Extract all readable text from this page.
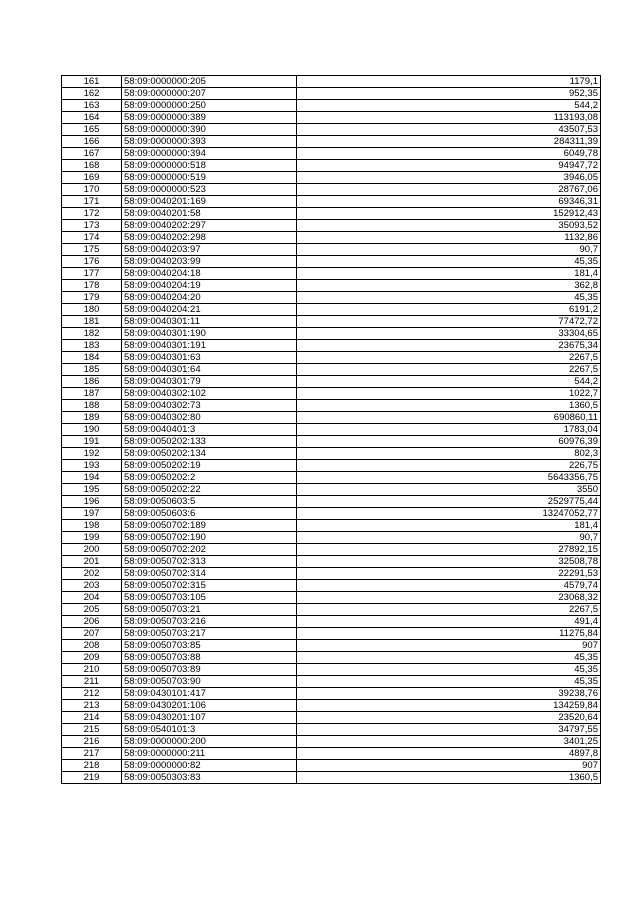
161	58:09:0000000:205	1179,1
162	58:09:0000000:207	952,35
163	58:09:0000000:250	544,2
164	58:09:0000000:389	113193,08
165	58:09:0000000:390	43507,53
166	58:09:0000000:393	284311,39
167	58:09:0000000:394	6049,78
168	58:09:0000000:518	94947,72
169	58:09:0000000:519	3946,05
170	58:09:0000000:523	28767,06
171	58:09:0040201:169	69346,31
172	58:09:0040201:58	152912,43
173	58:09:0040202:297	35093,52
174	58:09:0040202:298	1132,86
175	58:09:0040203:97	90,7
176	58:09:0040203:99	45,35
177	58:09:0040204:18	181,4
178	58:09:0040204:19	362,8
179	58:09:0040204:20	45,35
180	58:09:0040204:21	6191,2
181	58:09:0040301:11	77472,72
182	58:09:0040301:190	33304,65
183	58:09:0040301:191	23675,34
184	58:09:0040301:63	2267,5
185	58:09:0040301:64	2267,5
186	58:09:0040301:79	544,2
187	58:09:0040302:102	1022,7
188	58:09:0040302:73	1360,5
189	58:09:0040302:80	690860,11
190	58:09:0040401:3	1783,04
191	58:09:0050202:133	60976,39
192	58:09:0050202:134	802,3
193	58:09:0050202:19	226,75
194	58:09:0050202:2	5643356,75
195	58:09:0050202:22	3550
196	58:09:0050603:5	2529775,44
197	58:09:0050603:6	13247052,77
198	58:09:0050702:189	181,4
199	58:09:0050702:190	90,7
200	58:09:0050702:202	27892,15
201	58:09:0050702:313	32508,78
202	58:09:0050702:314	22291,53
203	58:09:0050702:315	4579,74
204	58:09:0050703:105	23068,32
205	58:09:0050703:21	2267,5
206	58:09:0050703:216	491,4
207	58:09:0050703:217	11275,84
208	58:09:0050703:85	907
209	58:09:0050703:88	45,35
210	58:09:0050703:89	45,35
211	58:09:0050703:90	45,35
212	58:09:0430101:417	39238,76
213	58:09:0430201:106	134259,84
214	58:09:0430201:107	23520,64
215	58:09:0540101:3	34797,55
216	58:09:0000000:200	3401,25
217	58:09:0000000:211	4897,8
218	58:09:0000000:82	907
219	58:09:0050303:83	1360,5
